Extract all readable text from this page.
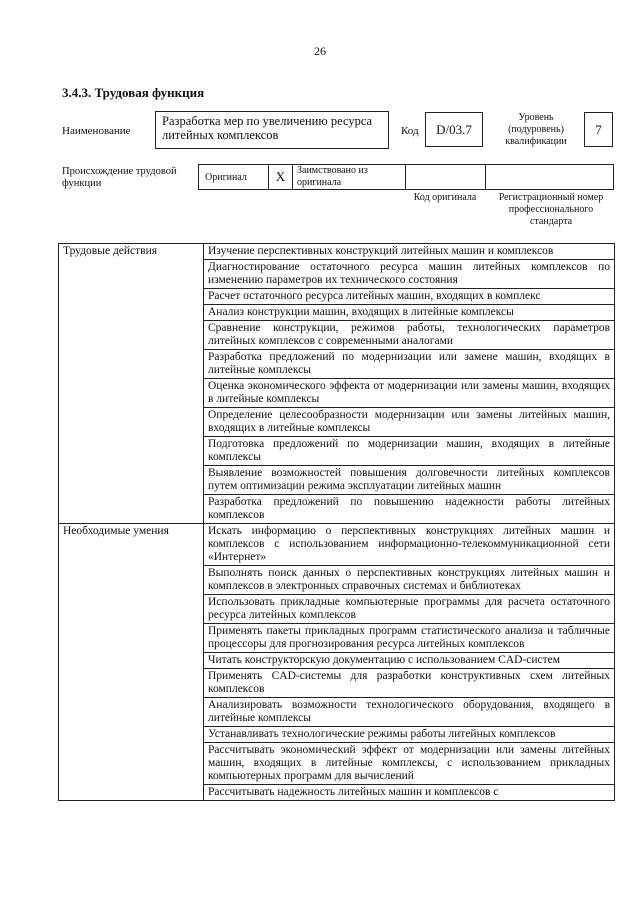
26
3.4.3. Трудовая функция
Наименование
Разработка мер по увеличению ресурса литейных комплексов	Код	D/03.7
Уровень (подуровень) квалификации
7
Происхождение трудовой функции
Оригинал	X	Заимствовано из оригинала
Код оригинала	Регистрационный номер профессионального стандарта
Трудовые действия	Изучение перспективных конструкций литейных машин и комплексов
	Диагностирование остаточного ресурса машин литейных комплексов по изменению параметров их технического состояния
	Расчет остаточного ресурса литейных машин, входящих в комплекс
	Анализ конструкции машин, входящих в литейные комплексы
	Сравнение конструкции, режимов работы, технологических параметров литейных комплексов с современными аналогами
	Разработка предложений по модернизации или замене машин, входящих в литейные комплексы
	Оценка экономического эффекта от модернизации или замены машин, входящих в литейные комплексы
	Определение целесообразности модернизации или замены литейных машин, входящих в литейные комплексы
	Подготовка предложений по модернизации машин, входящих в литейные комплексы
	Выявление возможностей повышения долговечности литейных комплексов путем оптимизации режима эксплуатации литейных машин
	Разработка предложений по повышению надежности работы литейных комплексов
Необходимые умения	Искать информацию о перспективных конструкциях литейных машин и комплексов с использованием информационно-телекоммуникационной сети «Интернет»
	Выполнять поиск данных о перспективных конструкциях литейных машин и комплексов в электронных справочных системах и библиотеках
	Использовать прикладные компьютерные программы для расчета остаточного ресурса литейных комплексов
	Применять пакеты прикладных программ статистического анализа и табличные процессоры для прогнозирования ресурса литейных комплексов
	Читать конструкторскую документацию с использованием CAD-систем
	Применять CAD-системы для разработки конструктивных схем литейных комплексов
	Анализировать возможности технологического оборудования, входящего в литейные комплексы
	Устанавливать технологические режимы работы литейных комплексов
	Рассчитывать экономический эффект от модернизации или замены литейных машин, входящих в литейные комплексы, с использованием прикладных компьютерных программ для вычислений
	Рассчитывать надежность литейных машин и комплексов с
